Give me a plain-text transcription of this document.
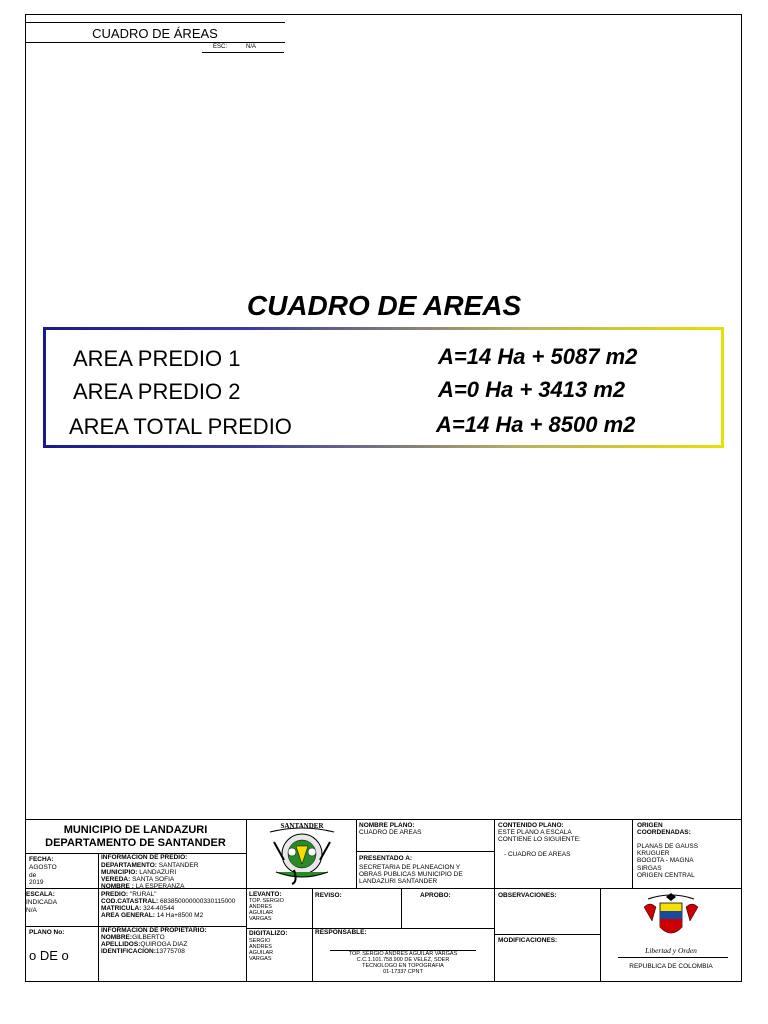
CUADRO DE ÁREAS
ESC:	N/A
CUADRO DE AREAS
AREA PREDIO 1	A=14 Ha + 5087 m2
AREA PREDIO 2	A=0 Ha + 3413 m2
AREA TOTAL PREDIO	A=14 Ha + 8500 m2
MUNICIPIO DE LANDAZURI
DEPARTAMENTO DE SANTANDER
FECHA:
AGOSTO
de
2019
ESCALA:
INDICADA
N/A
PLANO No:
o DE o
INFORMACION DE PREDIO:
DEPARTAMENTO: SANTANDER
MUNICIPIO: LANDAZURI
VEREDA: SANTA SOFIA
NOMBRE : LA ESPERANZA
PREDIO: "RURAL"
COD.CATASTRAL: 683850000000330115000
MATRICULA: 324-40544
AREA GENERAL: 14 Ha+8500 M2
INFORMACION DE PROPIETARIO:
NOMBRE:GILBERTO
APELLIDOS:QUIROGA DIAZ
IDENTIFICACION:13775708
SANTANDER	NOMBRE PLANO:
CUADRO DE AREAS
PRESENTADO A:
SECRETARIA DE PLANEACION Y
OBRAS PUBLICAS MUNICIPIO DE
LANDAZURI SANTANDER
CONTENIDO PLANO:
ESTE PLANO A ESCALA
CONTIENE LO SIGUIENTE:
- CUADRO DE AREAS
ORIGEN
COORDENADAS:
PLANAS DE GAUSS
KRUGUER
BOGOTA - MAGNA
SIRGAS
ORIGEN CENTRAL
LEVANTO:
TOP. SERGIO
ANDRES
AGUILAR
VARGAS
REVISO:	APROBO:	OBSERVACIONES:
DIGITALIZO:
SERGIO
ANDRES
AGUILAR
VARGAS
RESPONSABLE:
TOP. SERGIO ANDRES AGUILAR VARGAS
C.C.1.101.758.900 DE VELEZ, SDER
TECNOLOGO EN TOPOGRAFIA
01-17337 CPNT
MODIFICACIONES:
Libertad y Orden
REPUBLICA DE COLOMBIA
